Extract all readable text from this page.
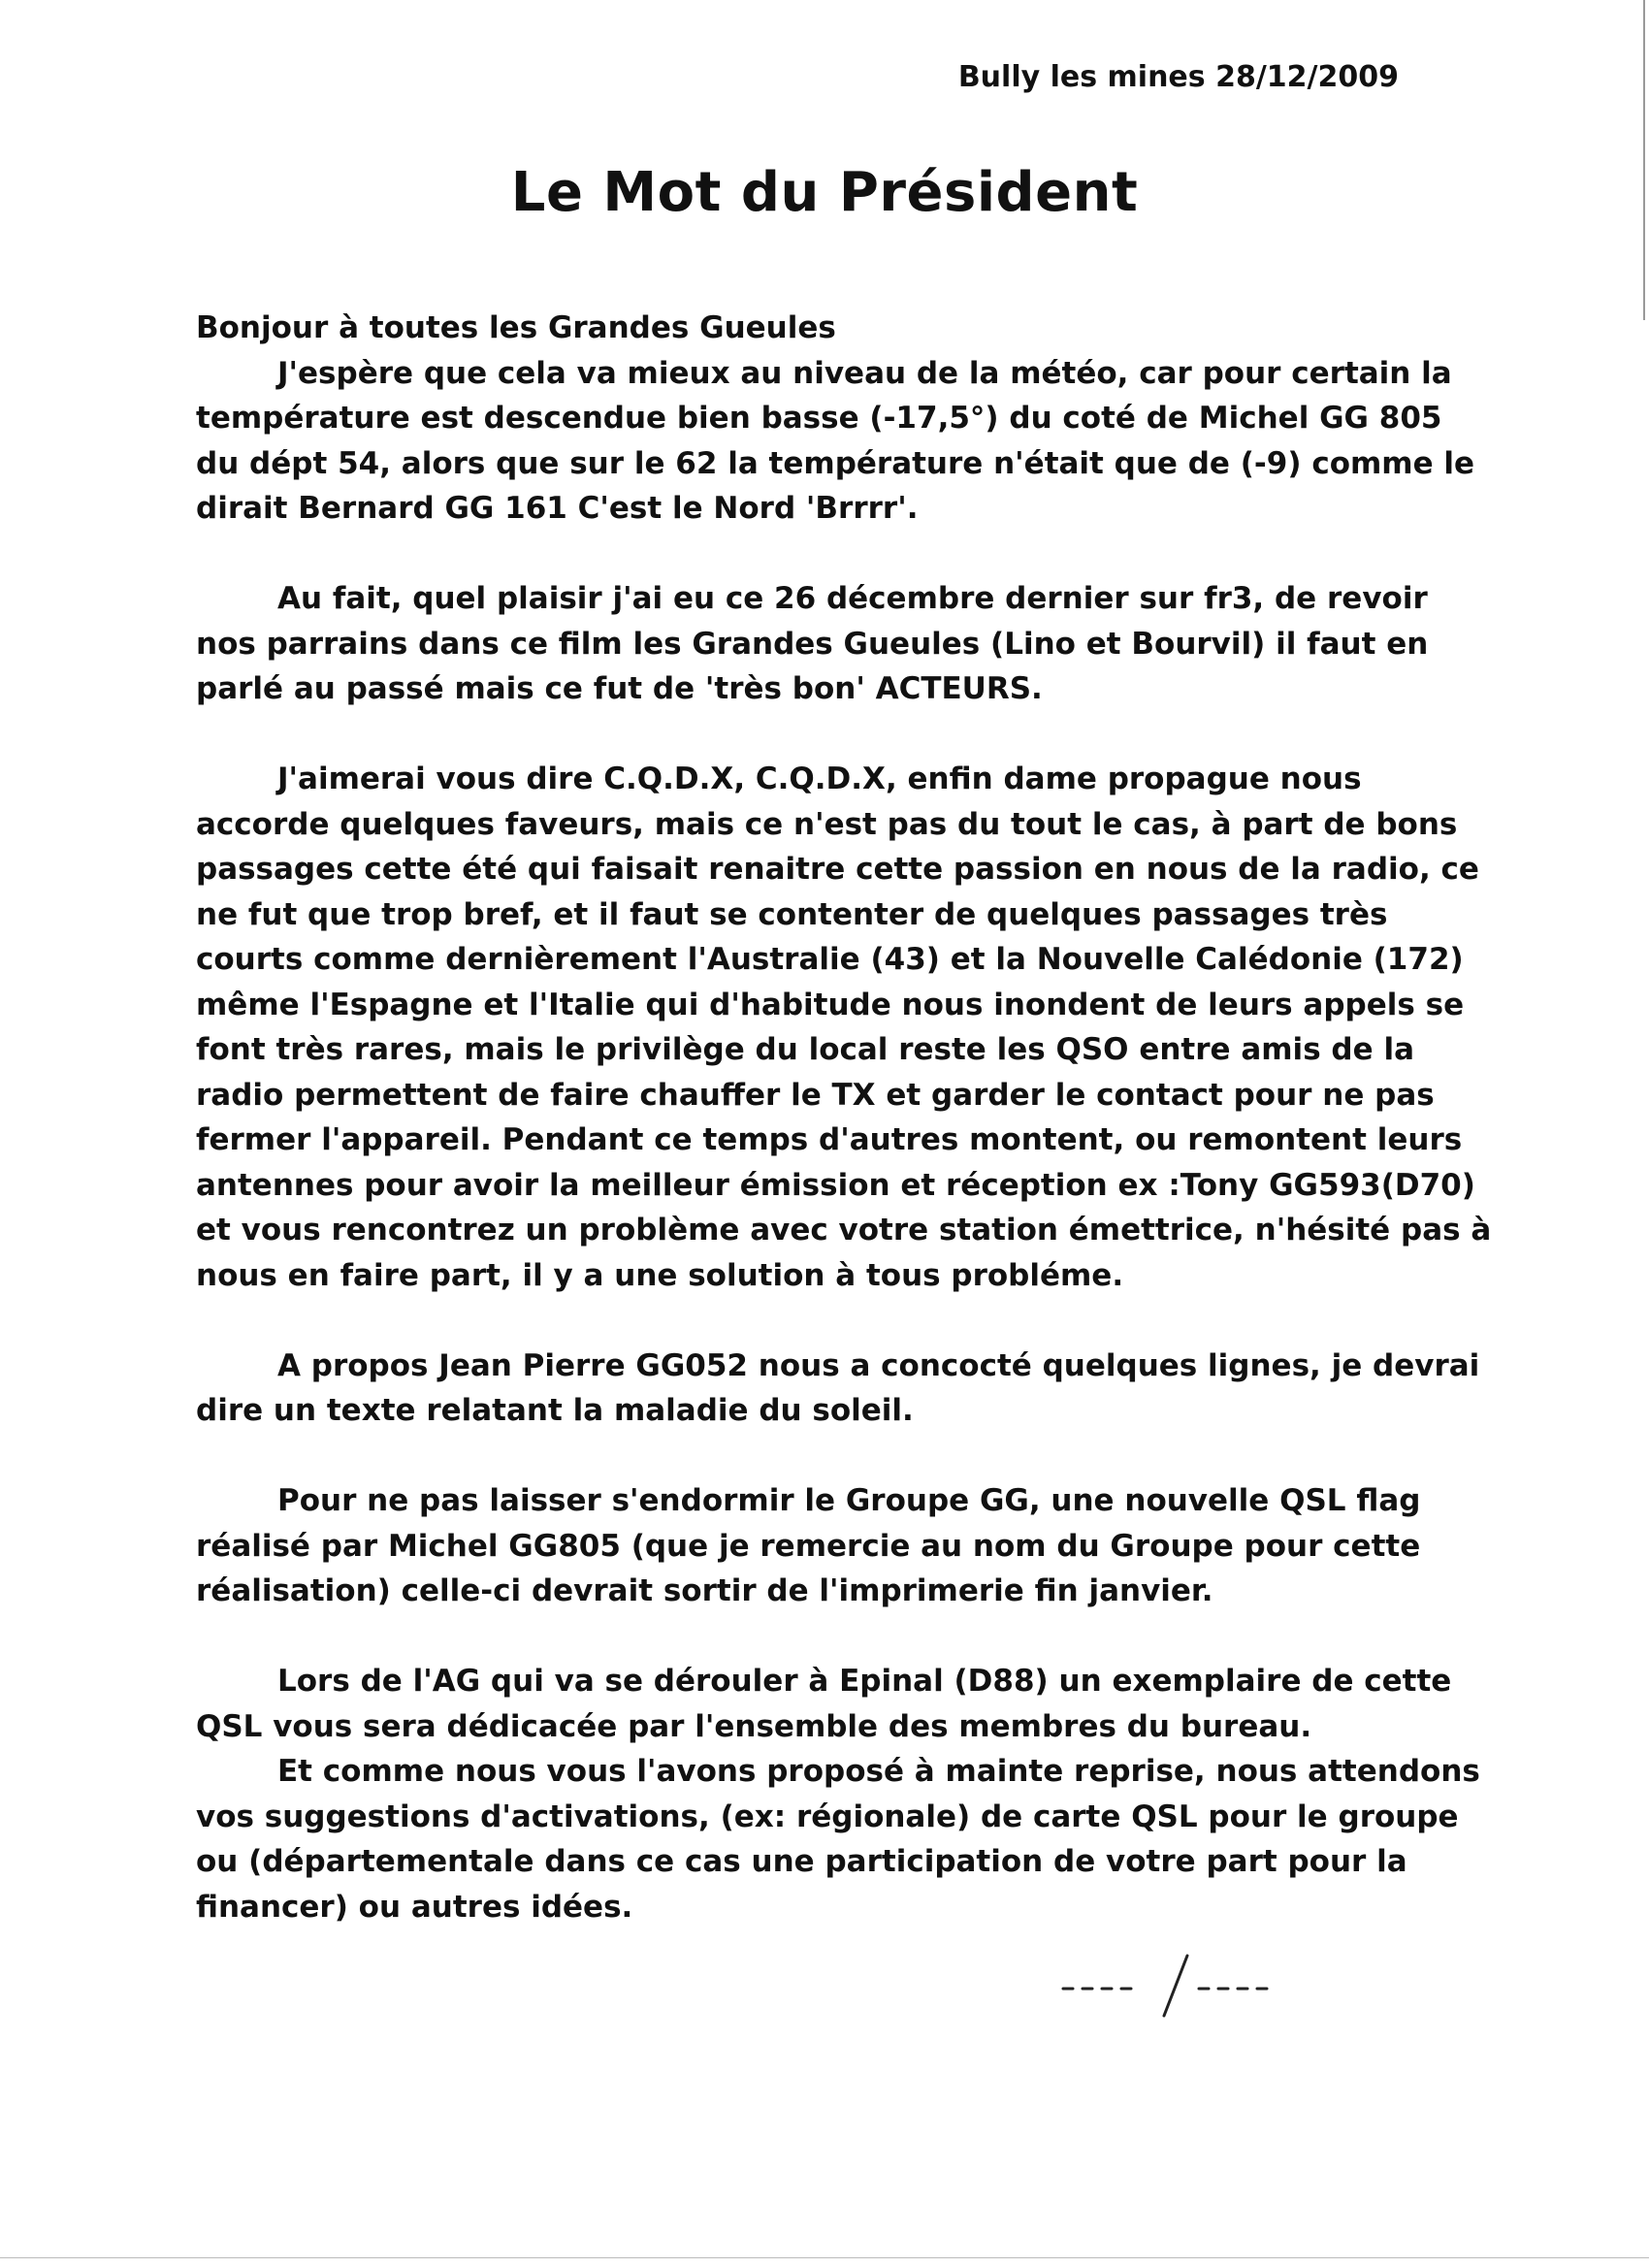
Bully les mines 28/12/2009
Le Mot du Président
Bonjour à toutes les Grandes Gueules
J'espère que cela va mieux au niveau de la météo, car pour certain la
température est descendue bien basse (-17,5°) du coté de Michel GG 805
du dépt 54, alors que sur le 62 la température n'était que de (-9) comme le
dirait Bernard GG 161 C'est le Nord 'Brrrr'.
Au fait, quel plaisir j'ai eu ce 26 décembre dernier sur fr3, de revoir
nos parrains dans ce film les Grandes Gueules (Lino et Bourvil) il faut en
parlé au passé mais ce fut de 'très bon' ACTEURS.
J'aimerai vous dire C.Q.D.X, C.Q.D.X, enfin dame propague nous
accorde quelques faveurs, mais ce n'est pas du tout le cas, à part de bons
passages cette été qui faisait renaitre cette passion en nous de la radio, ce
ne fut que trop bref, et il faut se contenter de quelques passages très
courts comme dernièrement l'Australie (43) et la Nouvelle Calédonie (172)
même l'Espagne et l'Italie qui d'habitude nous inondent de leurs appels se
font très rares, mais le privilège du local reste les QSO entre amis de la
radio permettent de faire chauffer le TX et garder le contact pour ne pas
fermer l'appareil. Pendant ce temps d'autres montent, ou remontent leurs
antennes pour avoir la meilleur émission et réception ex :Tony GG593(D70)
et vous rencontrez un problème avec votre station émettrice, n'hésité pas à
nous en faire part, il y a une solution à tous probléme.
A propos Jean Pierre GG052 nous a concocté quelques lignes, je devrai
dire un texte relatant la maladie du soleil.
Pour ne pas laisser s'endormir le Groupe GG, une nouvelle QSL flag
réalisé par Michel GG805 (que je remercie au nom du Groupe pour cette
réalisation) celle-ci devrait sortir de l'imprimerie fin janvier.
Lors de l'AG qui va se dérouler à Epinal (D88) un exemplaire de cette
QSL vous sera dédicacée par l'ensemble des membres du bureau.
Et comme nous vous l'avons proposé à mainte reprise, nous attendons
vos suggestions d'activations, (ex: régionale) de carte QSL pour le groupe
ou (départementale dans ce cas une participation de votre part pour la
financer) ou autres idées.
